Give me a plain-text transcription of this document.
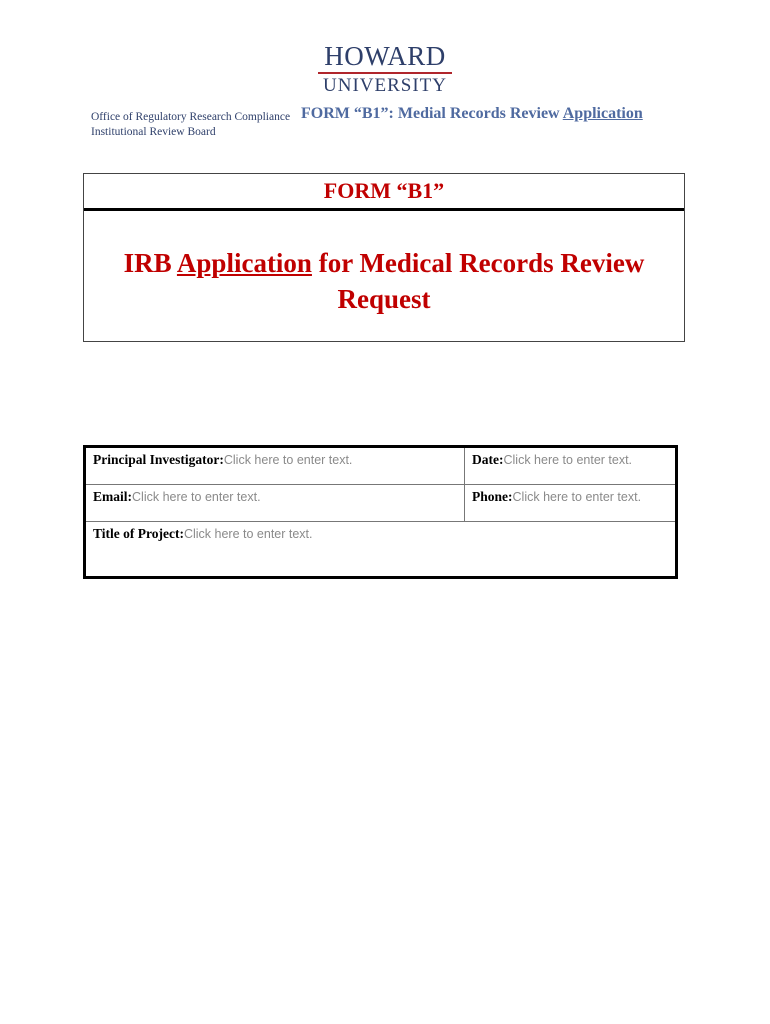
HOWARD
UNIVERSITY
Office of Regulatory Research Compliance
Institutional Review Board
FORM “B1”: Medial Records Review Application
FORM “B1”
IRB Application for Medical Records Review
Request
Principal Investigator:Click here to enter text.	Date:Click here to enter text.
Email:Click here to enter text.	Phone:Click here to enter text.
Title of Project:Click here to enter text.	
